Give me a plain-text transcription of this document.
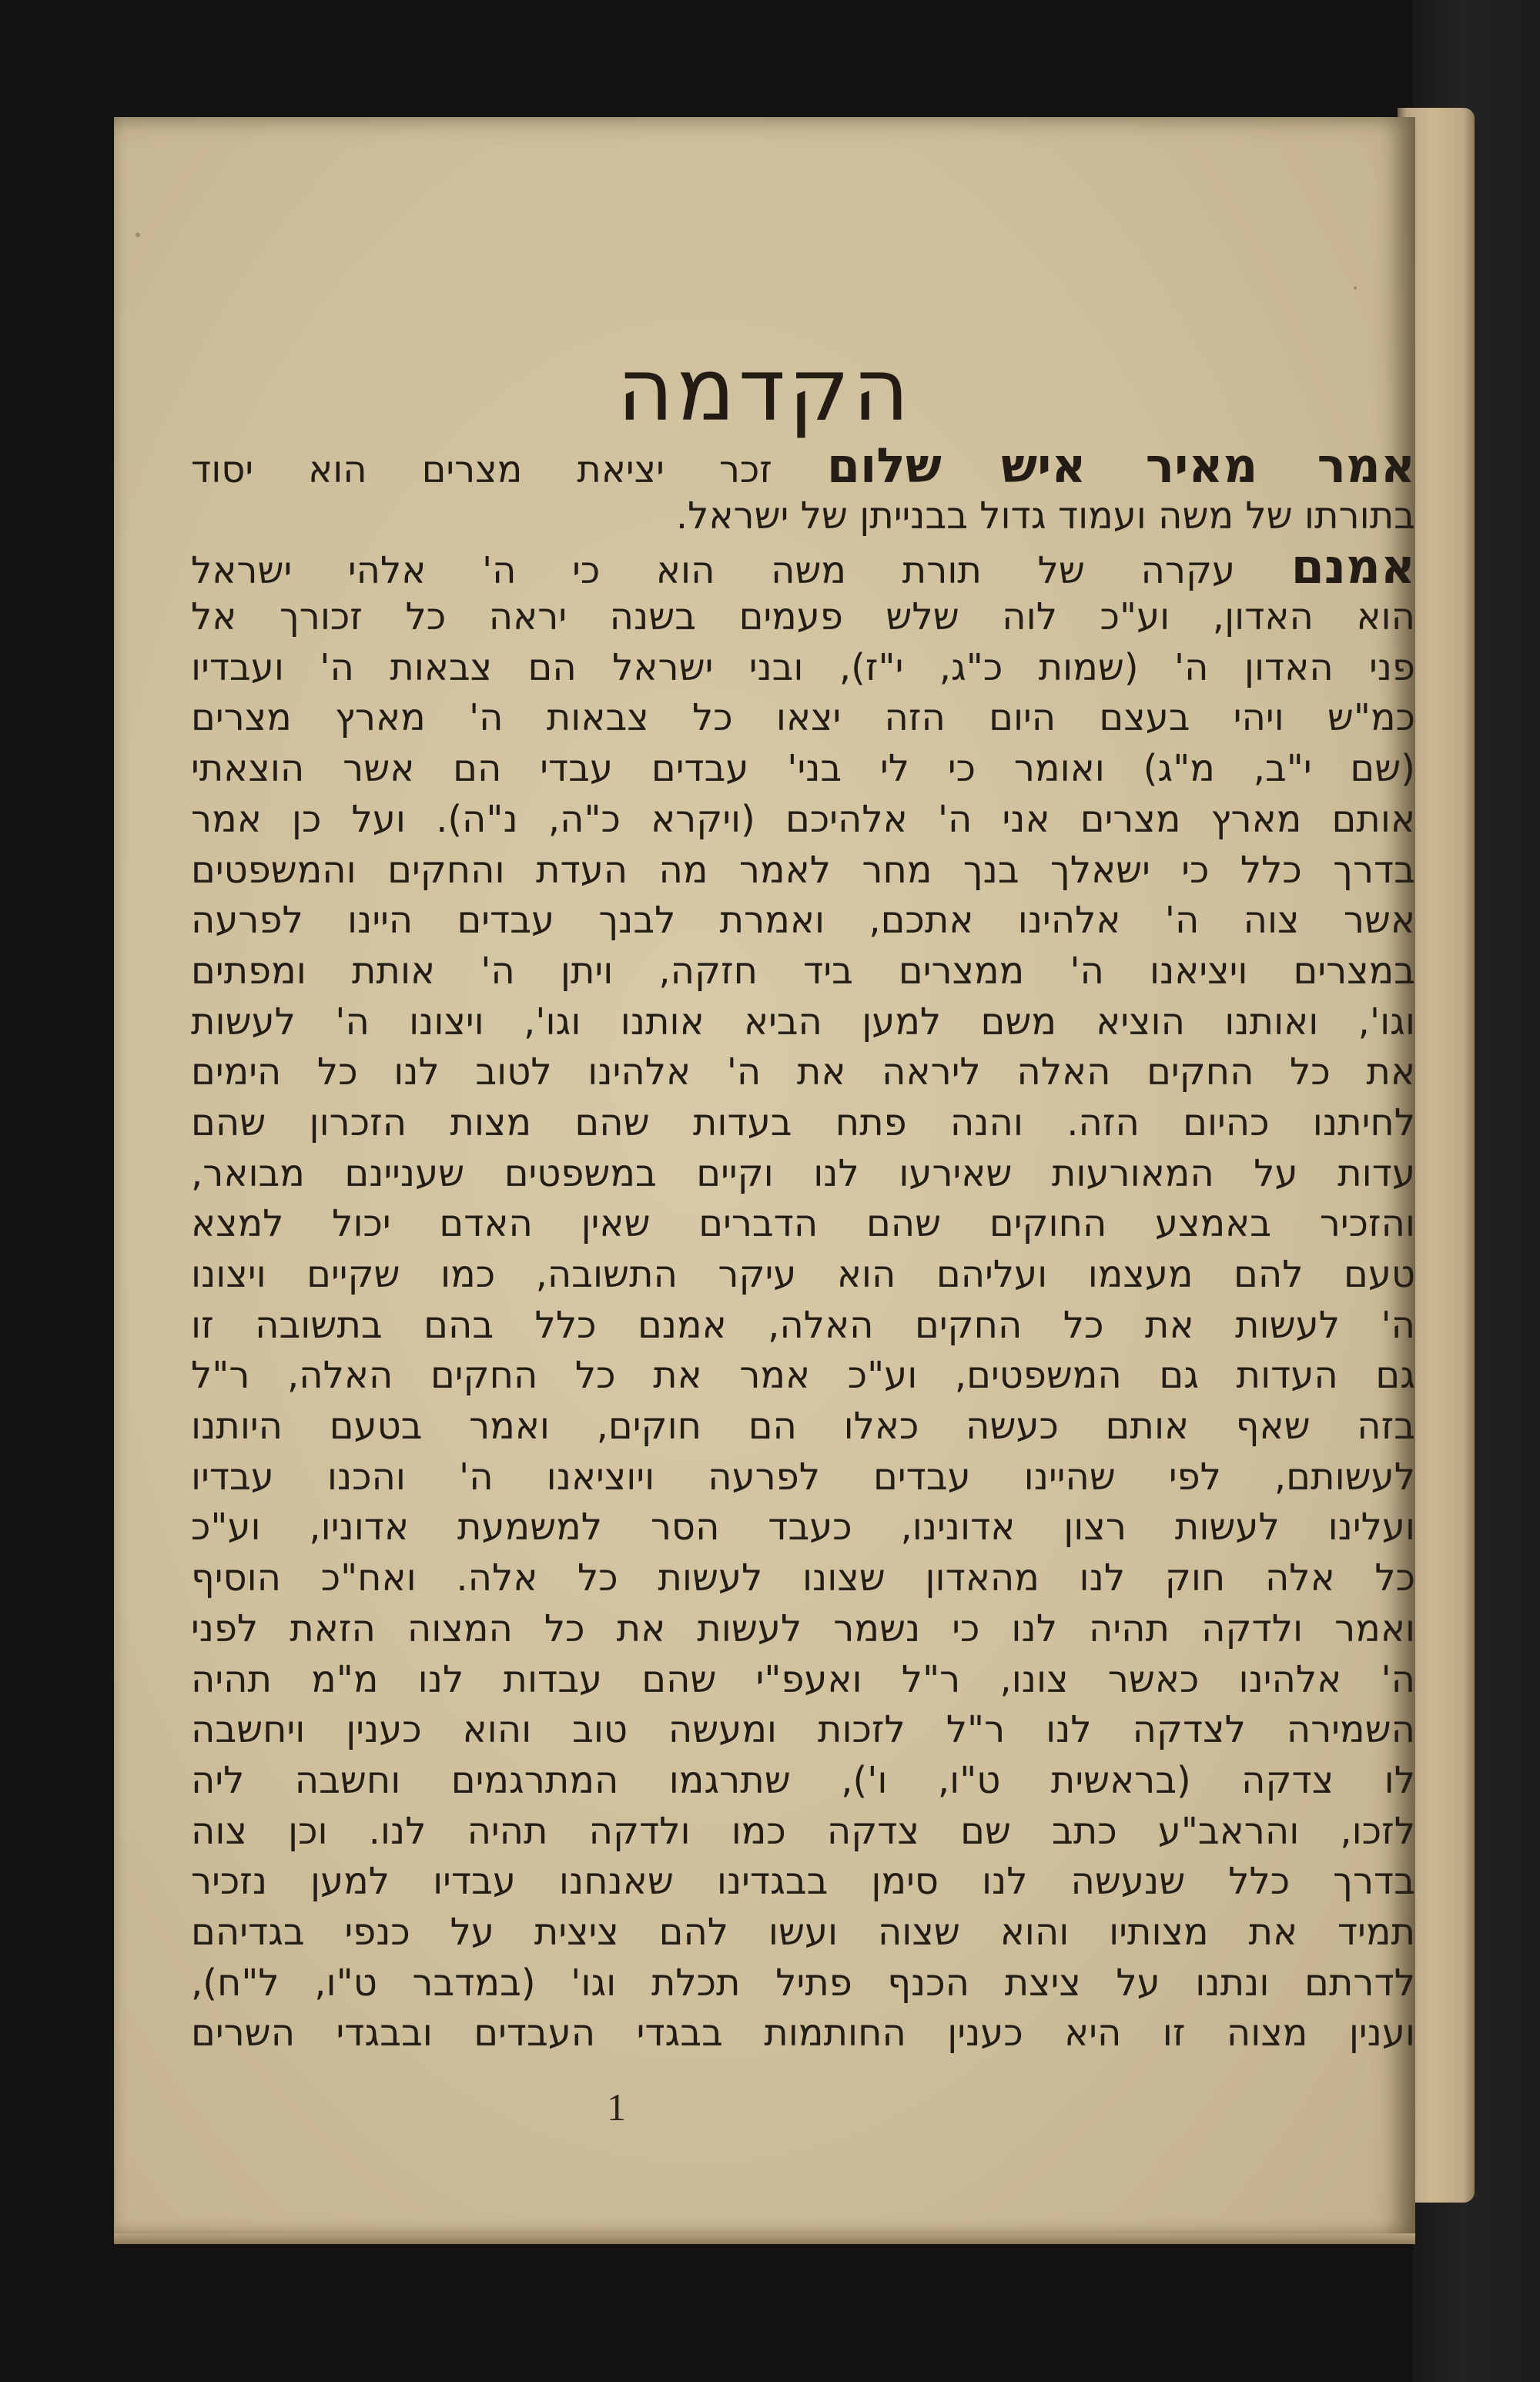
הקדמה
אמר מאיר איש שלום זכר יציאת מצרים הוא יסוד
בתורתו של משה ועמוד גדול בבנייתן של ישראל.
אמנם עקרה של תורת משה הוא כי ה' אלהי ישראל
הוא האדון, וע"כ לוה שלש פעמים בשנה יראה כל זכורך אל
פני האדון ה' (שמות כ"ג, י"ז), ובני ישראל הם צבאות ה' ועבדיו
כמ"ש ויהי בעצם היום הזה יצאו כל צבאות ה' מארץ מצרים
(שם י"ב, מ"ג) ואומר כי לי בני' עבדים עבדי הם אשר הוצאתי
אותם מארץ מצרים אני ה' אלהיכם (ויקרא כ"ה, נ"ה). ועל כן אמר
בדרך כלל כי ישאלך בנך מחר לאמר מה העדת והחקים והמשפטים
אשר צוה ה' אלהינו אתכם, ואמרת לבנך עבדים היינו לפרעה
במצרים ויציאנו ה' ממצרים ביד חזקה, ויתן ה' אותת ומפתים
וגו', ואותנו הוציא משם למען הביא אותנו וגו', ויצונו ה' לעשות
את כל החקים האלה ליראה את ה' אלהינו לטוב לנו כל הימים
לחיתנו כהיום הזה. והנה פתח בעדות שהם מצות הזכרון שהם
עדות על המאורעות שאירעו לנו וקיים במשפטים שעניינם מבואר,
והזכיר באמצע החוקים שהם הדברים שאין האדם יכול למצא
טעם להם מעצמו ועליהם הוא עיקר התשובה, כמו שקיים ויצונו
ה' לעשות את כל החקים האלה, אמנם כלל בהם בתשובה זו
גם העדות גם המשפטים, וע"כ אמר את כל החקים האלה, ר"ל
בזה שאף אותם כעשה כאלו הם חוקים, ואמר בטעם היותנו
לעשותם, לפי שהיינו עבדים לפרעה ויוציאנו ה' והכנו עבדיו
ועלינו לעשות רצון אדונינו, כעבד הסר למשמעת אדוניו, וע"כ
כל אלה חוק לנו מהאדון שצונו לעשות כל אלה. ואח"כ הוסיף
ואמר ולדקה תהיה לנו כי נשמר לעשות את כל המצוה הזאת לפני
ה' אלהינו כאשר צונו, ר"ל ואעפ"י שהם עבדות לנו מ"מ תהיה
השמירה לצדקה לנו ר"ל לזכות ומעשה טוב והוא כענין ויחשבה
לו צדקה (בראשית ט"ו, ו'), שתרגמו המתרגמים וחשבה ליה
לזכו, והראב"ע כתב שם צדקה כמו ולדקה תהיה לנו. וכן צוה
בדרך כלל שנעשה לנו סימן בבגדינו שאנחנו עבדיו למען נזכיר
תמיד את מצותיו והוא שצוה ועשו להם ציצית על כנפי בגדיהם
לדרתם ונתנו על ציצת הכנף פתיל תכלת וגו' (במדבר ט"ו, ל"ח),
וענין מצוה זו היא כענין החותמות בבגדי העבדים ובבגדי השרים
1
